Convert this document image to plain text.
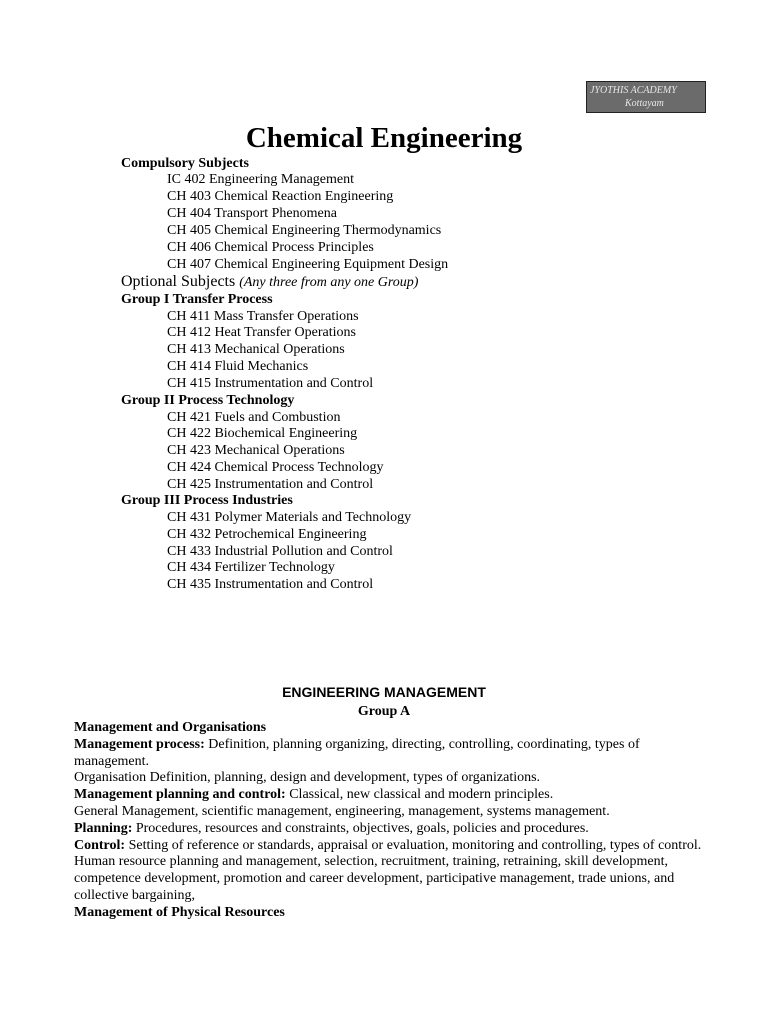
JYOTHIS ACADEMY
Kottayam
Chemical Engineering
Compulsory Subjects
IC 402 Engineering Management
CH 403 Chemical Reaction Engineering
CH 404 Transport Phenomena
CH 405 Chemical Engineering Thermodynamics
CH 406 Chemical Process Principles
CH 407 Chemical Engineering Equipment Design
Optional Subjects (Any three from any one Group)
Group I Transfer Process
CH 411 Mass Transfer Operations
CH 412 Heat Transfer Operations
CH 413 Mechanical Operations
CH 414 Fluid Mechanics
CH 415 Instrumentation and Control
Group II Process Technology
CH 421 Fuels and Combustion
CH 422 Biochemical Engineering
CH 423 Mechanical Operations
CH 424 Chemical Process Technology
CH 425 Instrumentation and Control
Group III Process Industries
CH 431 Polymer Materials and Technology
CH 432 Petrochemical Engineering
CH 433 Industrial Pollution and Control
CH 434 Fertilizer Technology
CH 435 Instrumentation and Control
ENGINEERING MANAGEMENT
Group A

Management and Organisations

Management process: Definition, planning organizing, directing, controlling, coordinating, types of management.

Organisation Definition, planning, design and development, types of organizations.

Management planning and control: Classical, new classical and modern principles.

General Management, scientific management, engineering, management, systems management.

Planning: Procedures, resources and constraints, objectives, goals, policies and procedures.

Control: Setting of reference or standards, appraisal or evaluation, monitoring and controlling, types of control.

Human resource planning and management, selection, recruitment, training, retraining, skill development, competence development, promotion and career development, participative management, trade unions, and collective bargaining,

Management of Physical Resources
